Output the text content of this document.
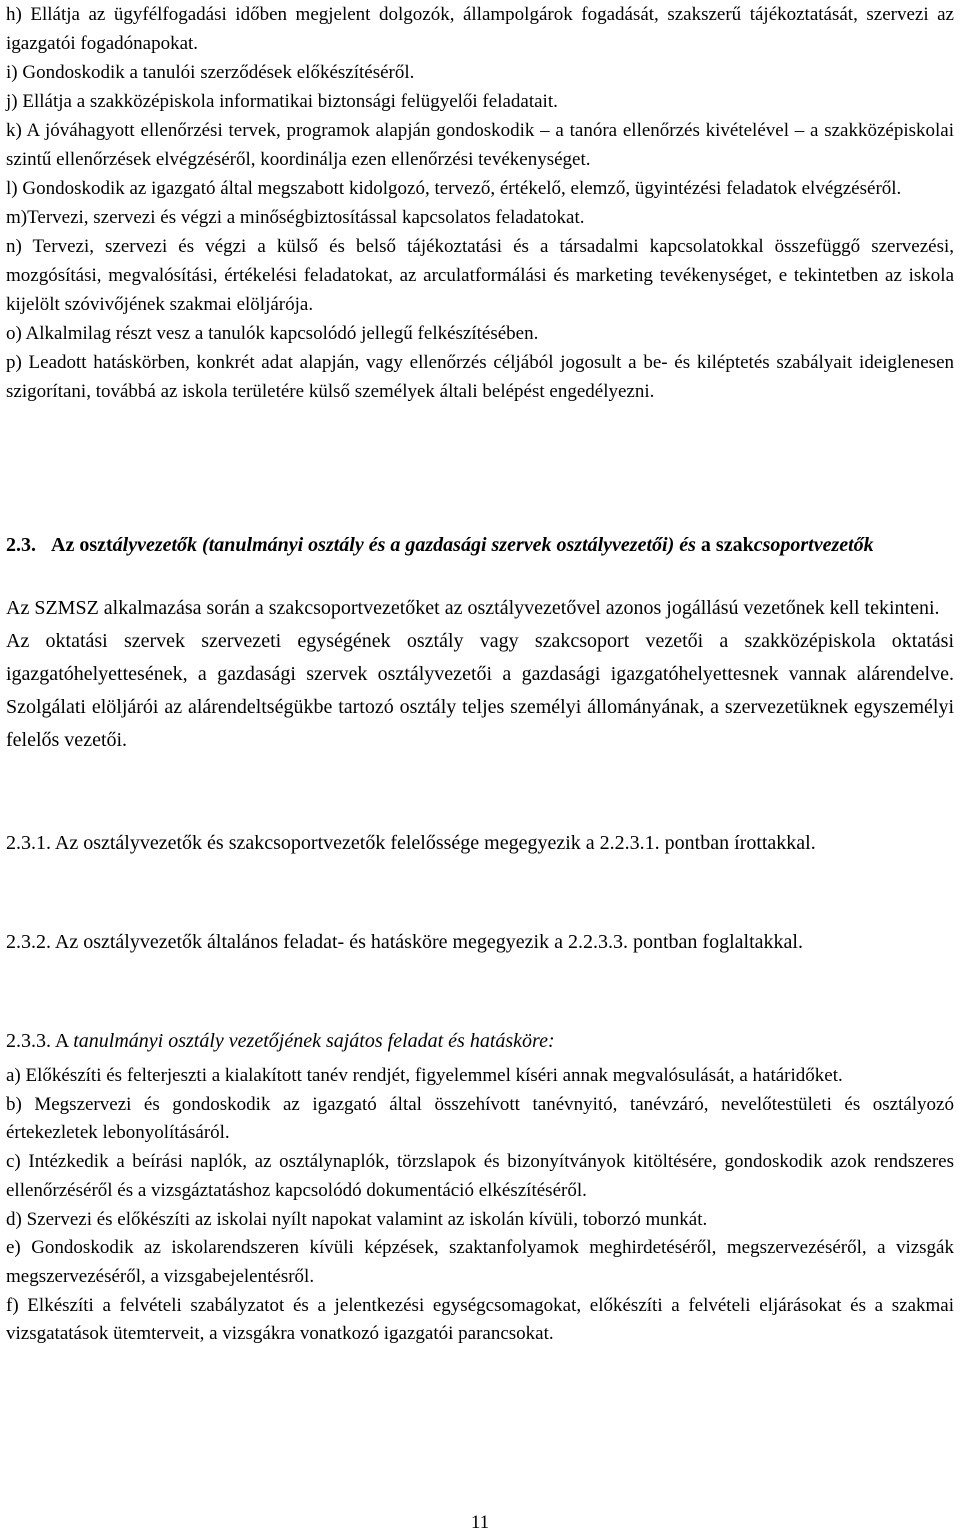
h) Ellátja az ügyfélfogadási időben megjelent dolgozók, állampolgárok fogadását, szakszerű tájékoztatását, szervezi az igazgatói fogadónapokat.

i) Gondoskodik a tanulói szerződések előkészítéséről.

j) Ellátja a szakközépiskola informatikai biztonsági felügyelői feladatait.

k) A jóváhagyott ellenőrzési tervek, programok alapján gondoskodik – a tanóra ellenőrzés kivételével – a szakközépiskolai szintű ellenőrzések elvégzéséről, koordinálja ezen ellenőrzési tevékenységet.

l) Gondoskodik az igazgató által megszabott kidolgozó, tervező, értékelő, elemző, ügyintézési feladatok elvégzéséről.

m)Tervezi, szervezi és végzi a minőségbiztosítással kapcsolatos feladatokat.

n) Tervezi, szervezi és végzi a külső és belső tájékoztatási és a társadalmi kapcsolatokkal összefüggő szervezési, mozgósítási, megvalósítási, értékelési feladatokat, az arculatformálási és marketing tevékenységet, e tekintetben az iskola kijelölt szóvivőjének szakmai elöljárója.

o) Alkalmilag részt vesz a tanulók kapcsolódó jellegű felkészítésében.

p) Leadott hatáskörben, konkrét adat alapján, vagy ellenőrzés céljából jogosult a be- és kiléptetés szabályait ideiglenesen szigorítani, továbbá az iskola területére külső személyek általi belépést engedélyezni.

2.3. Az osztályvezetők (tanulmányi osztály és a gazdasági szervek osztályvezetői) és a szakcsoportvezetők

Az SZMSZ alkalmazása során a szakcsoportvezetőket az osztályvezetővel azonos jogállású vezetőnek kell tekinteni.

Az oktatási szervek szervezeti egységének osztály vagy szakcsoport vezetői a szakközépiskola oktatási igazgatóhelyettesének, a gazdasági szervek osztályvezetői a gazdasági igazgatóhelyettesnek vannak alárendelve. Szolgálati elöljárói az alárendeltségükbe tartozó osztály teljes személyi állományának, a szervezetüknek egyszemélyi felelős vezetői.

2.3.1. Az osztályvezetők és szakcsoportvezetők felelőssége megegyezik a 2.2.3.1. pontban írottakkal.

2.3.2. Az osztályvezetők általános feladat- és hatásköre megegyezik a 2.2.3.3. pontban foglaltakkal.

2.3.3. A tanulmányi osztály vezetőjének sajátos feladat és hatásköre:

a) Előkészíti és felterjeszti a kialakított tanév rendjét, figyelemmel kíséri annak megvalósulását, a határidőket.

b) Megszervezi és gondoskodik az igazgató által összehívott tanévnyitó, tanévzáró, nevelőtestületi és osztályozó értekezletek lebonyolításáról.

c) Intézkedik a beírási naplók, az osztálynaplók, törzslapok és bizonyítványok kitöltésére, gondoskodik azok rendszeres ellenőrzéséről és a vizsgáztatáshoz kapcsolódó dokumentáció elkészítéséről.

d) Szervezi és előkészíti az iskolai nyílt napokat valamint az iskolán kívüli, toborzó munkát.

e) Gondoskodik az iskolarendszeren kívüli képzések, szaktanfolyamok meghirdetéséről, megszervezéséről, a vizsgák megszervezéséről, a vizsgabejelentésről.

f) Elkészíti a felvételi szabályzatot és a jelentkezési egységcsomagokat, előkészíti a felvételi eljárásokat és a szakmai vizsgatatások ütemterveit, a vizsgákra vonatkozó igazgatói parancsokat.

11
